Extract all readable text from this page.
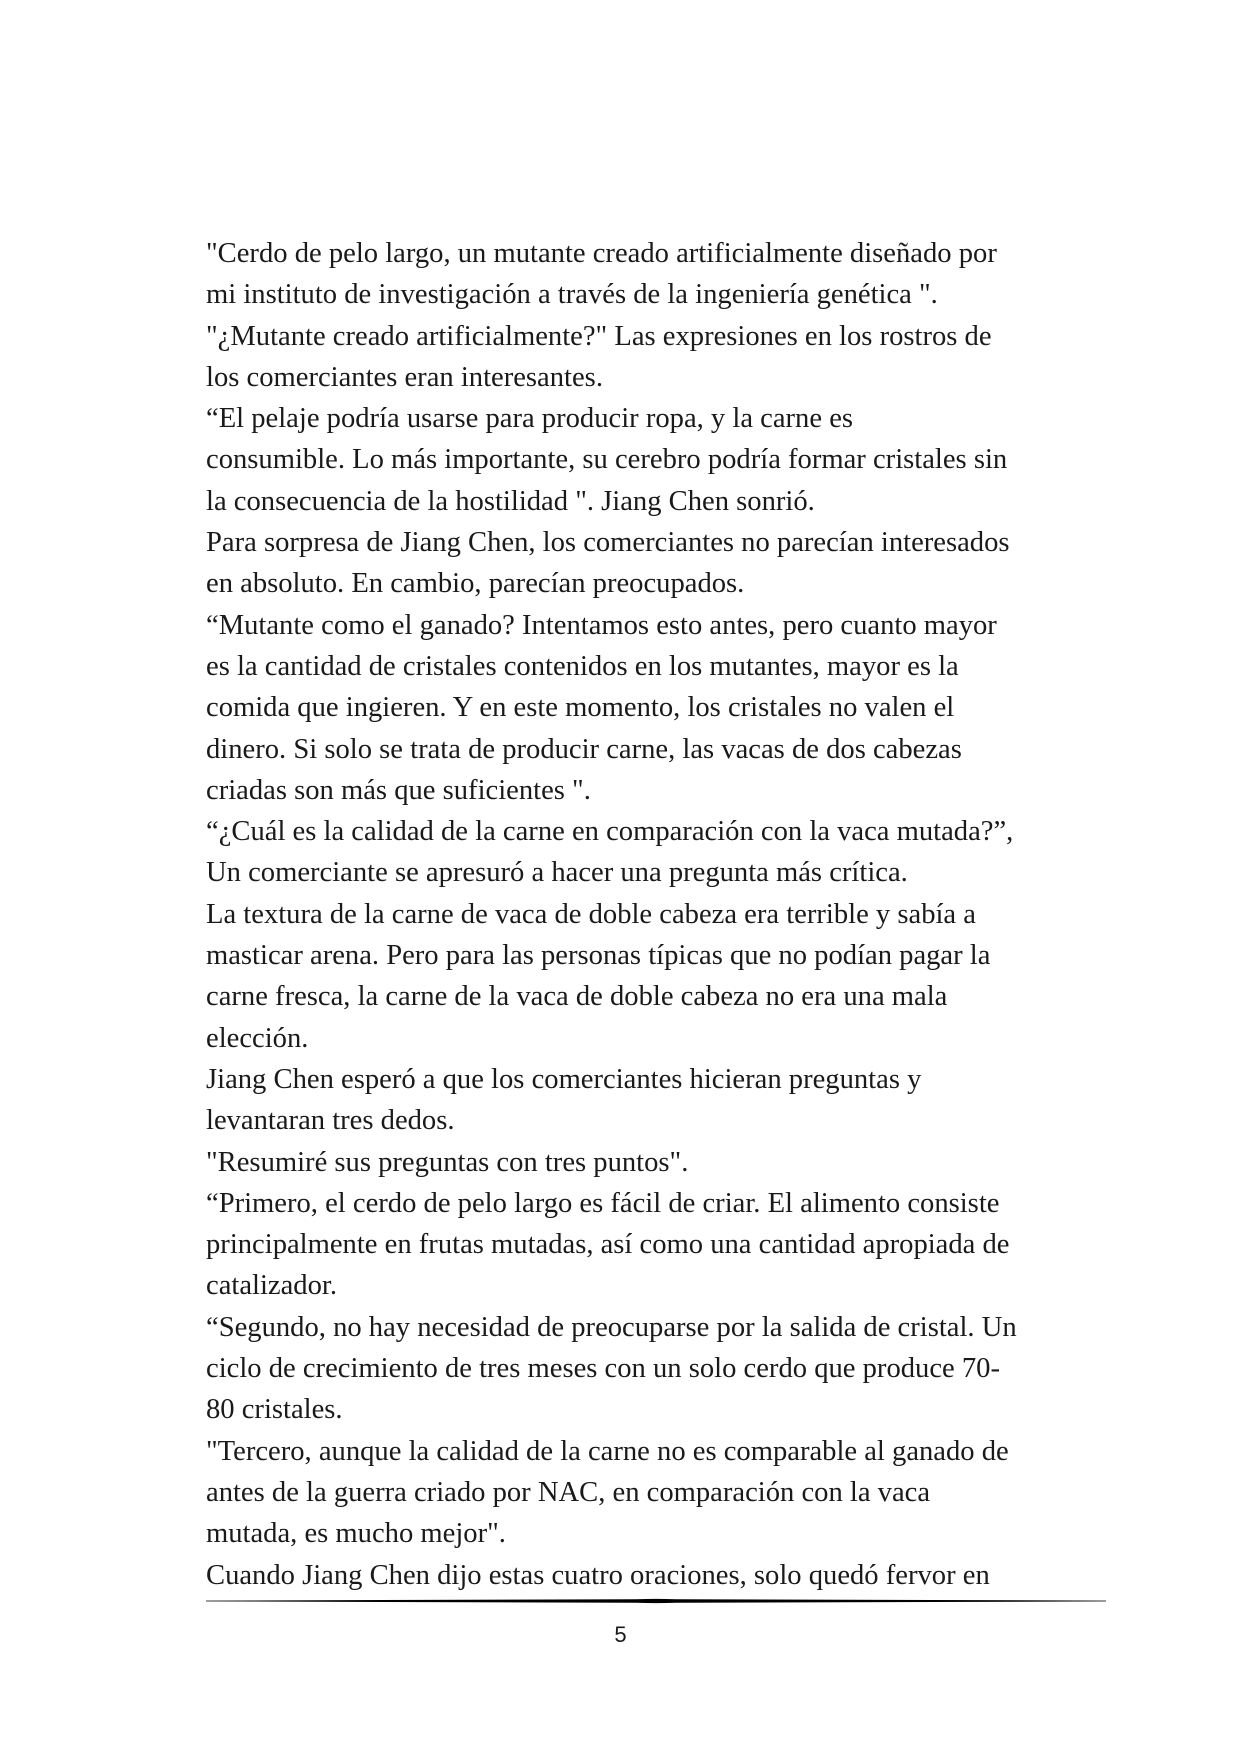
"Cerdo de pelo largo, un mutante creado artificialmente diseñado por
mi instituto de investigación a través de la ingeniería genética ".
"¿Mutante creado artificialmente?" Las expresiones en los rostros de
los comerciantes eran interesantes.
“El pelaje podría usarse para producir ropa, y la carne es
consumible. Lo más importante, su cerebro podría formar cristales sin
la consecuencia de la hostilidad ". Jiang Chen sonrió.
Para sorpresa de Jiang Chen, los comerciantes no parecían interesados
en absoluto. En cambio, parecían preocupados.
“Mutante como el ganado? Intentamos esto antes, pero cuanto mayor
es la cantidad de cristales contenidos en los mutantes, mayor es la
comida que ingieren. Y en este momento, los cristales no valen el
dinero. Si solo se trata de producir carne, las vacas de dos cabezas
criadas son más que suficientes ".
“¿Cuál es la calidad de la carne en comparación con la vaca mutada?”,
Un comerciante se apresuró a hacer una pregunta más crítica.
La textura de la carne de vaca de doble cabeza era terrible y sabía a
masticar arena. Pero para las personas típicas que no podían pagar la
carne fresca, la carne de la vaca de doble cabeza no era una mala
elección.
Jiang Chen esperó a que los comerciantes hicieran preguntas y
levantaran tres dedos.
"Resumiré sus preguntas con tres puntos".
“Primero, el cerdo de pelo largo es fácil de criar. El alimento consiste
principalmente en frutas mutadas, así como una cantidad apropiada de
catalizador.
“Segundo, no hay necesidad de preocuparse por la salida de cristal. Un
ciclo de crecimiento de tres meses con un solo cerdo que produce 70-
80 cristales.
"Tercero, aunque la calidad de la carne no es comparable al ganado de
antes de la guerra criado por NAC, en comparación con la vaca
mutada, es mucho mejor".
Cuando Jiang Chen dijo estas cuatro oraciones, solo quedó fervor en
5
